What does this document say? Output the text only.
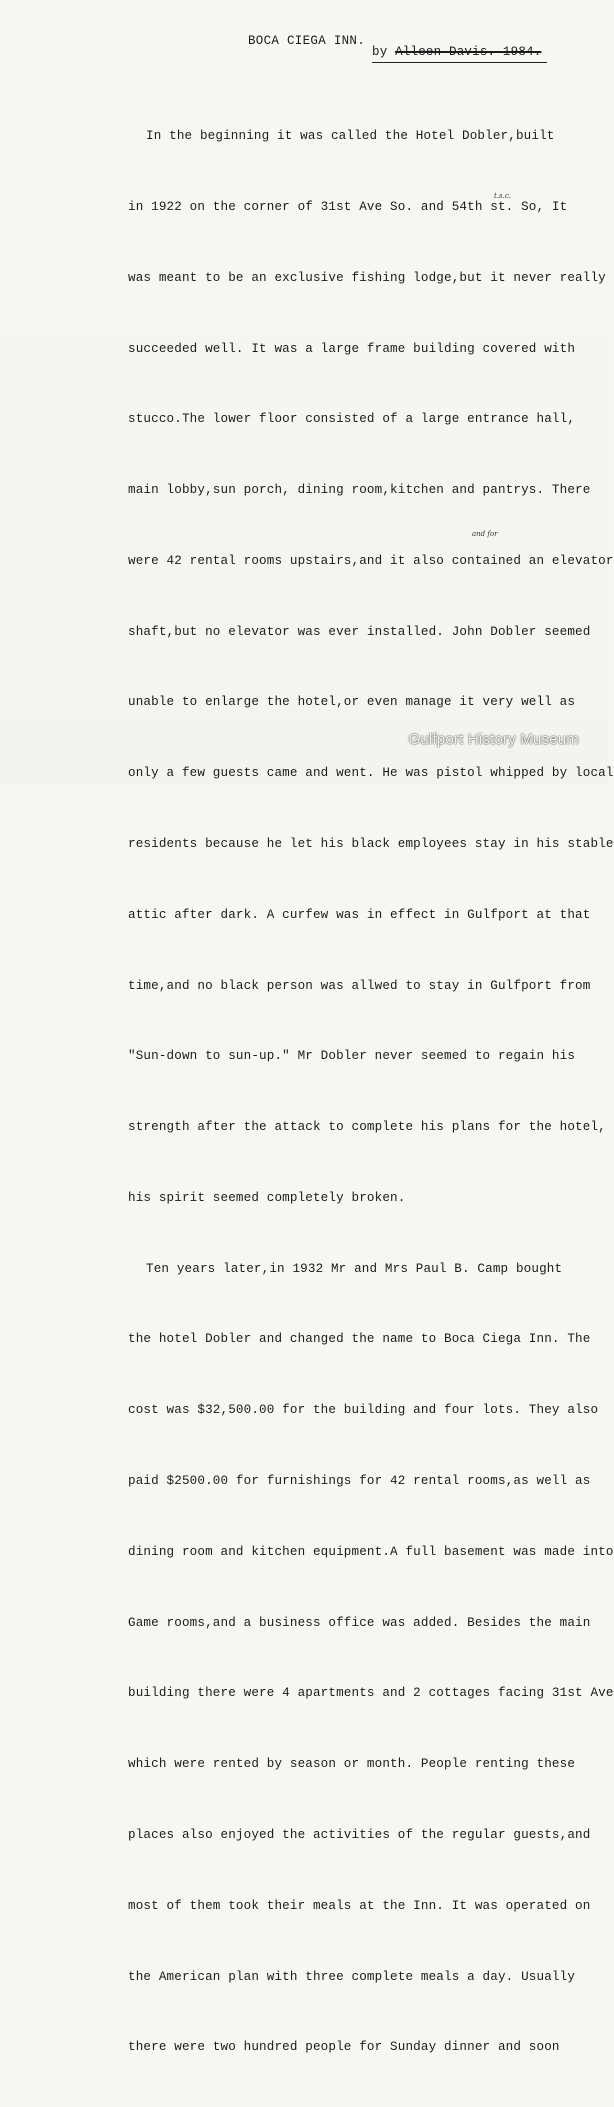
BOCA CIEGA INN.
by Alleen Davis. 1984.

In the beginning it was called the Hotel Dobler,built

in 1922 on the corner of 31st Ave So. and 54th st. So, It

was meant to be an exclusive fishing lodge,but it never really

succeeded well. It was a large frame building covered with

stucco.The lower floor consisted of a large entrance hall,

main lobby,sun porch, dining room,kitchen and pantrys. There

were 42 rental rooms upstairs,and it also contained an elevator

shaft,but no elevator was ever installed. John Dobler seemed

unable to enlarge the hotel,or even manage it very well as

only a few guests came and went. He was pistol whipped by local

residents because he let his black employees stay in his stable

attic after dark. A curfew was in effect in Gulfport at that

time,and no black person was allwed to stay in Gulfport from

"Sun-down to sun-up." Mr Dobler never seemed to regain his

strength after the attack to complete his plans for the hotel,

his spirit seemed completely broken.

Ten years later,in 1932 Mr and Mrs Paul B. Camp bought

the hotel Dobler and changed the name to Boca Ciega Inn. The

cost was $32,500.00 for the building and four lots. They also

paid $2500.00 for furnishings for 42 rental rooms,as well as

dining room and kitchen equipment.A full basement was made into

Game rooms,and a business office was added. Besides the main

building there were 4 apartments and 2 cottages facing 31st Ave

which were rented by season or month. People renting these

places also enjoyed the activities of the regular guests,and

most of them took their meals at the Inn. It was operated on

the American plan with three complete meals a day. Usually

there were two hundred people for Sunday dinner and soon

t.s.c.
and for
Gulfport History Museum
